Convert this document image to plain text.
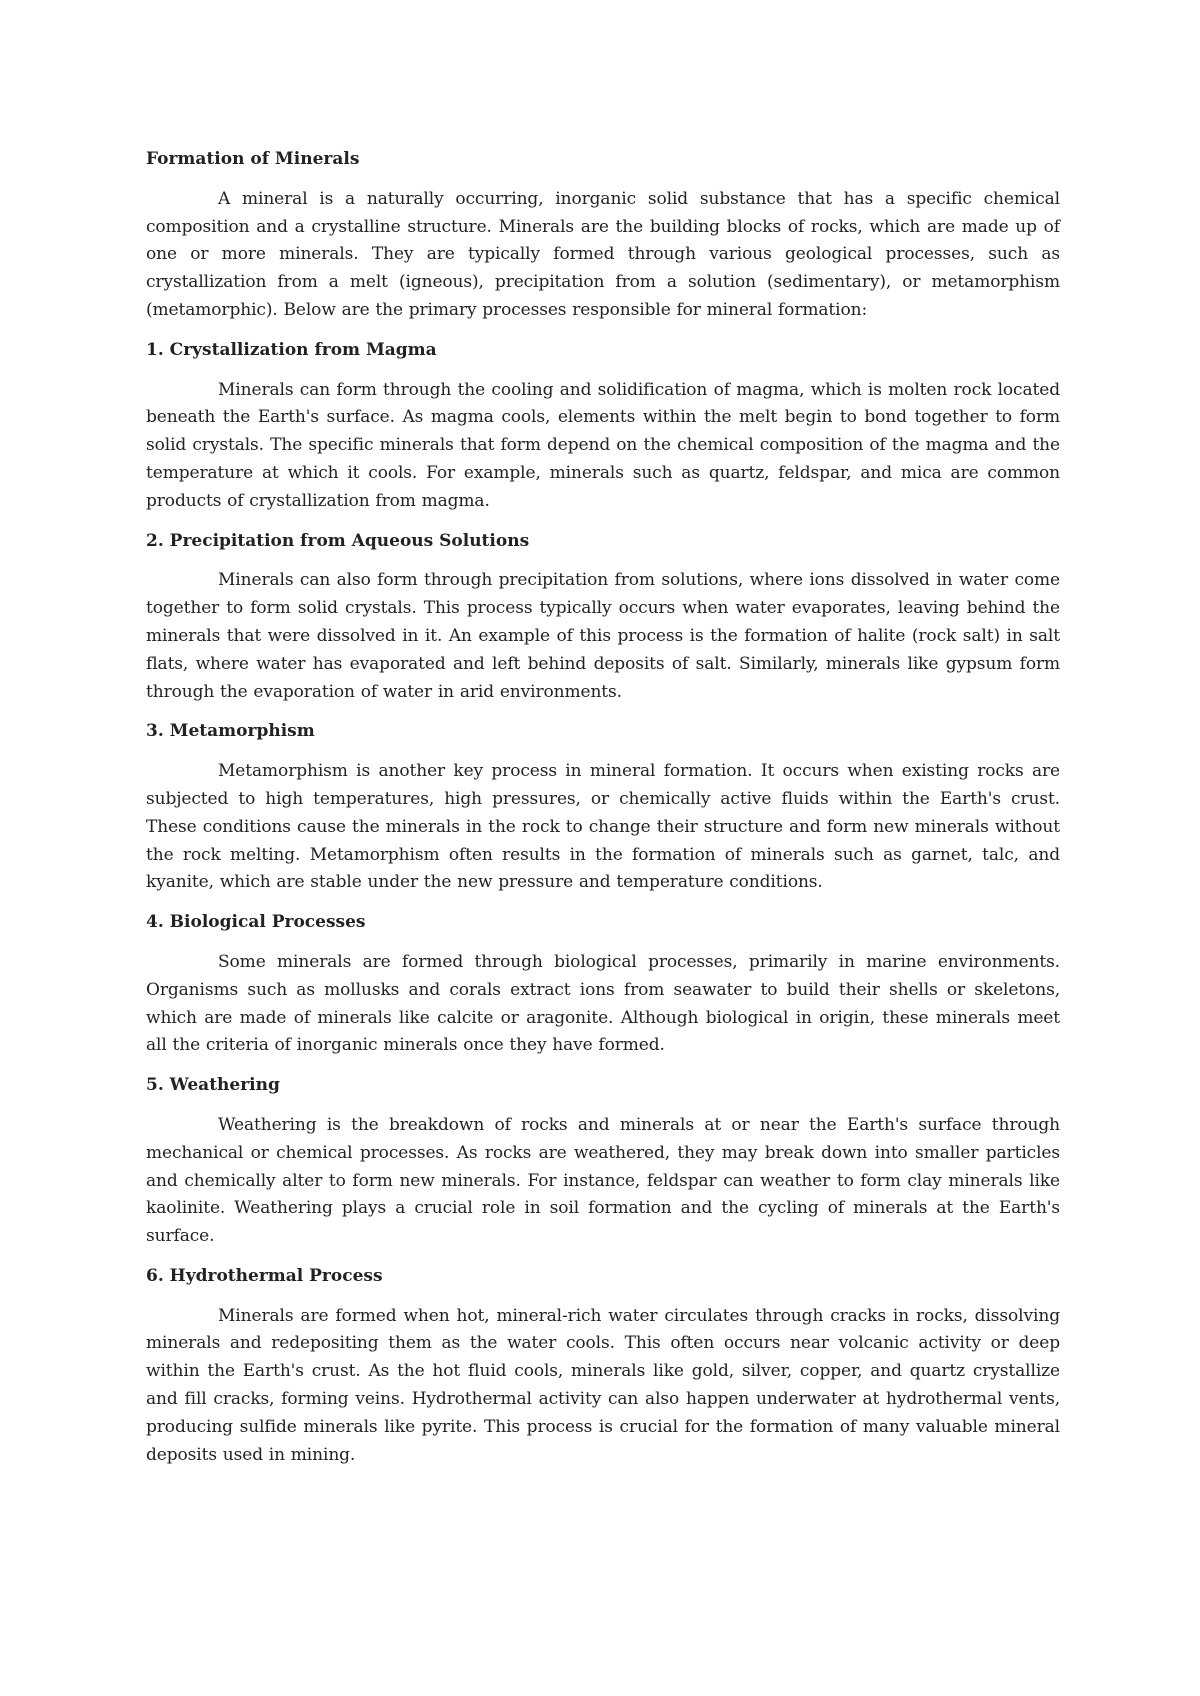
Formation of Minerals

A mineral is a naturally occurring, inorganic solid substance that has a specific chemical composition and a crystalline structure. Minerals are the building blocks of rocks, which are made up of one or more minerals. They are typically formed through various geological processes, such as crystallization from a melt (igneous), precipitation from a solution (sedimentary), or metamorphism (metamorphic). Below are the primary processes responsible for mineral formation:

1. Crystallization from Magma

Minerals can form through the cooling and solidification of magma, which is molten rock located beneath the Earth's surface. As magma cools, elements within the melt begin to bond together to form solid crystals. The specific minerals that form depend on the chemical composition of the magma and the temperature at which it cools. For example, minerals such as quartz, feldspar, and mica are common products of crystallization from magma.

2. Precipitation from Aqueous Solutions

Minerals can also form through precipitation from solutions, where ions dissolved in water come together to form solid crystals. This process typically occurs when water evaporates, leaving behind the minerals that were dissolved in it. An example of this process is the formation of halite (rock salt) in salt flats, where water has evaporated and left behind deposits of salt. Similarly, minerals like gypsum form through the evaporation of water in arid environments.

3. Metamorphism

Metamorphism is another key process in mineral formation. It occurs when existing rocks are subjected to high temperatures, high pressures, or chemically active fluids within the Earth's crust. These conditions cause the minerals in the rock to change their structure and form new minerals without the rock melting. Metamorphism often results in the formation of minerals such as garnet, talc, and kyanite, which are stable under the new pressure and temperature conditions.

4. Biological Processes

Some minerals are formed through biological processes, primarily in marine environments. Organisms such as mollusks and corals extract ions from seawater to build their shells or skeletons, which are made of minerals like calcite or aragonite. Although biological in origin, these minerals meet all the criteria of inorganic minerals once they have formed.

5. Weathering

Weathering is the breakdown of rocks and minerals at or near the Earth's surface through mechanical or chemical processes. As rocks are weathered, they may break down into smaller particles and chemically alter to form new minerals. For instance, feldspar can weather to form clay minerals like kaolinite. Weathering plays a crucial role in soil formation and the cycling of minerals at the Earth's surface.

6. Hydrothermal Process

Minerals are formed when hot, mineral-rich water circulates through cracks in rocks, dissolving minerals and redepositing them as the water cools. This often occurs near volcanic activity or deep within the Earth's crust. As the hot fluid cools, minerals like gold, silver, copper, and quartz crystallize and fill cracks, forming veins. Hydrothermal activity can also happen underwater at hydrothermal vents, producing sulfide minerals like pyrite. This process is crucial for the formation of many valuable mineral deposits used in mining.
